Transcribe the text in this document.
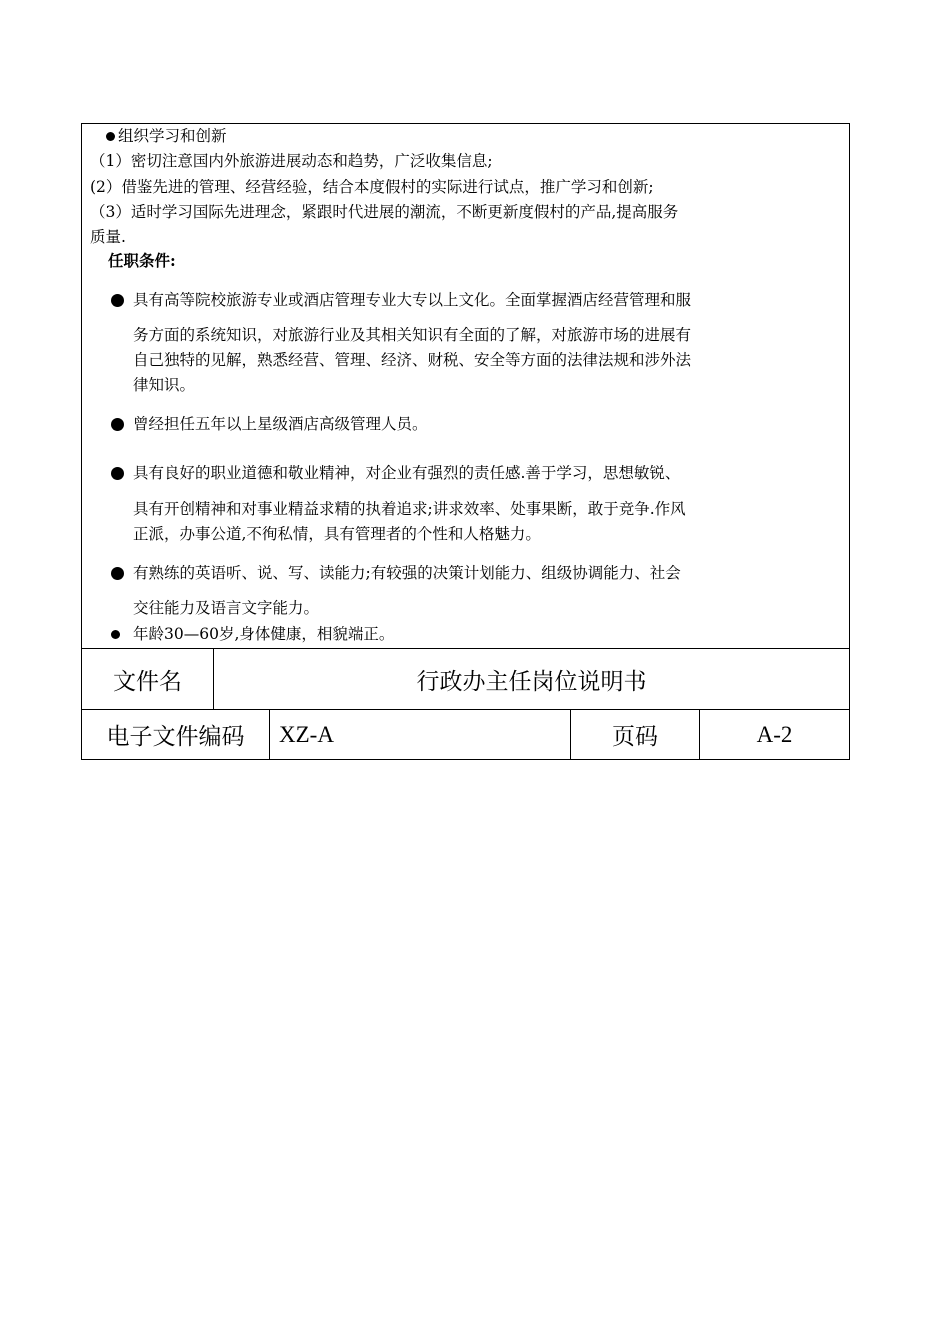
组织学习和创新
（1）密切注意国内外旅游进展动态和趋势，广泛收集信息;
(2）借鉴先进的管理、经营经验，结合本度假村的实际进行试点，推广学习和创新;
（3）适时学习国际先进理念，紧跟时代进展的潮流，不断更新度假村的产品,提高服务
质量.
任职条件:
具有高等院校旅游专业或酒店管理专业大专以上文化。全面掌握酒店经营管理和服
务方面的系统知识，对旅游行业及其相关知识有全面的了解，对旅游市场的进展有
自己独特的见解，熟悉经营、管理、经济、财税、安全等方面的法律法规和涉外法
律知识。
曾经担任五年以上星级酒店高级管理人员。
具有良好的职业道德和敬业精神，对企业有强烈的责任感.善于学习，思想敏锐、
具有开创精神和对事业精益求精的执着追求;讲求效率、处事果断，敢于竞争.作风
正派，办事公道,不徇私情，具有管理者的个性和人格魅力。
有熟练的英语听、说、写、读能力;有较强的决策计划能力、组级协调能力、社会
交往能力及语言文字能力。
年龄30—60岁,身体健康，相貌端正。
文件名	行政办主任岗位说明书
电子文件编码	XZ-A	页码	A-2
